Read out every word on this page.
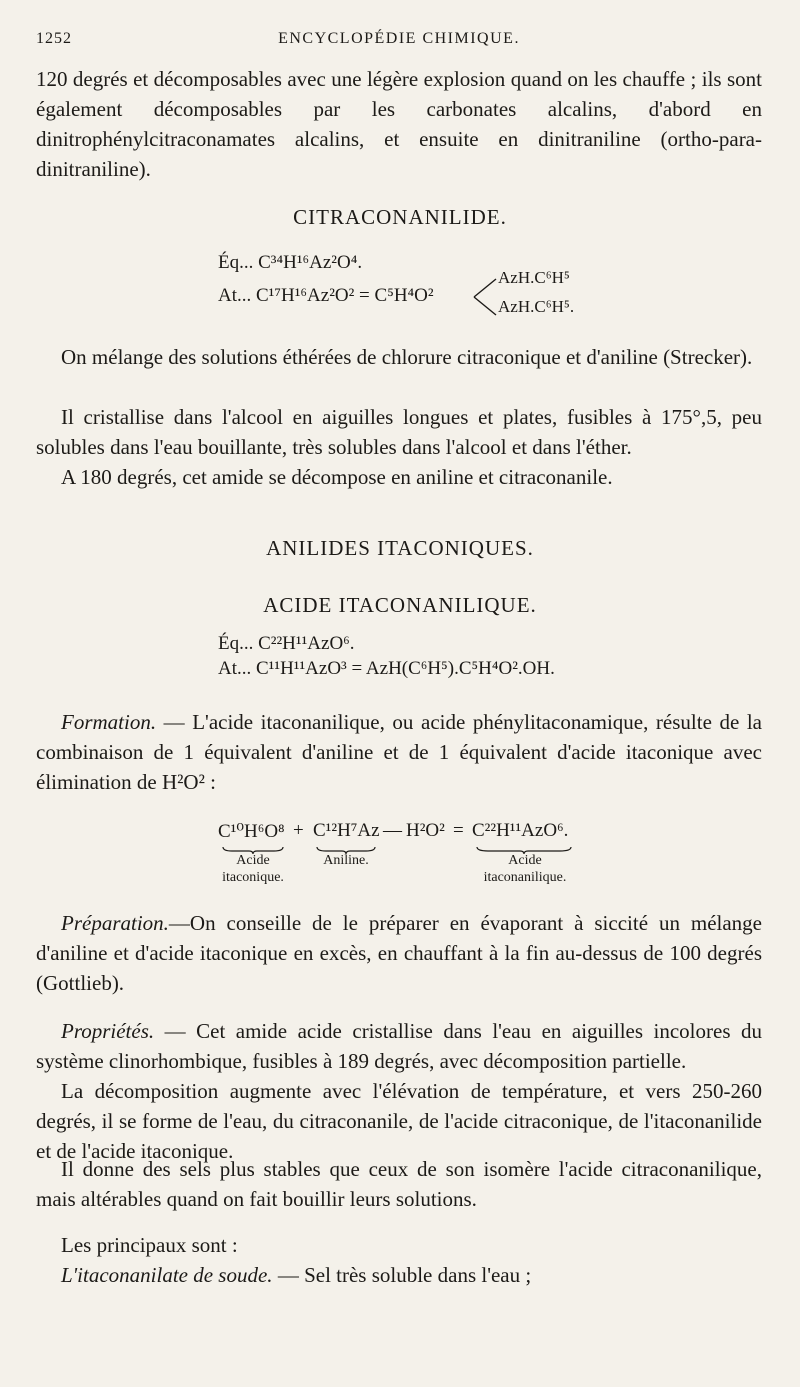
1252	ENCYCLOPÉDIE CHIMIQUE.

120 degrés et décomposables avec une légère explosion quand on les chauffe ; ils sont également décomposables par les carbonates alcalins, d'abord en dinitrophénylcitraconamates alcalins, et ensuite en dinitraniline (ortho-para-dinitraniline).

CITRACONANILIDE.

Éq... C³⁴H¹⁶Az²O⁴.
At... C¹⁷H¹⁶Az²O² = C⁵H⁴O²
AzH.C⁶H⁵
AzH.C⁶H⁵.

On mélange des solutions éthérées de chlorure citraconique et d'aniline (Strecker).

Il cristallise dans l'alcool en aiguilles longues et plates, fusibles à 175°,5, peu solubles dans l'eau bouillante, très solubles dans l'alcool et dans l'éther.

A 180 degrés, cet amide se décompose en aniline et citraconanile.

ANILIDES ITACONIQUES.

ACIDE ITACONANILIQUE.

Éq... C²²H¹¹AzO⁶.
At... C¹¹H¹¹AzO³ = AzH(C⁶H⁵).C⁵H⁴O².OH.

Formation. — L'acide itaconanilique, ou acide phénylitaconamique, résulte de la combinaison de 1 équivalent d'aniline et de 1 équivalent d'acide itaconique avec élimination de H²O² :

C¹⁰H⁶O⁸ + C¹²H⁷Az — H²O² = C²²H¹¹AzO⁶.
Acide
itaconique.
Aniline.	Acide
itaconanilique.

Préparation.—On conseille de le préparer en évaporant à siccité un mélange d'aniline et d'acide itaconique en excès, en chauffant à la fin au-dessus de 100 degrés (Gottlieb).

Propriétés. — Cet amide acide cristallise dans l'eau en aiguilles incolores du système clinorhombique, fusibles à 189 degrés, avec décomposition partielle.

La décomposition augmente avec l'élévation de température, et vers 250-260 degrés, il se forme de l'eau, du citraconanile, de l'acide citraconique, de l'itaconanilide et de l'acide itaconique.

Il donne des sels plus stables que ceux de son isomère l'acide citraconanilique, mais altérables quand on fait bouillir leurs solutions.

Les principaux sont :

L'itaconanilate de soude. — Sel très soluble dans l'eau ;
